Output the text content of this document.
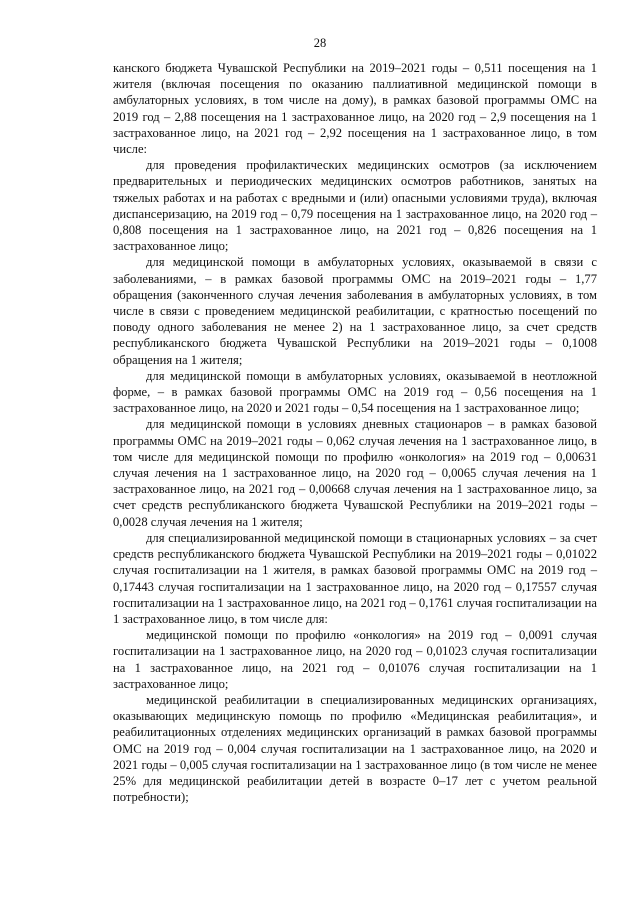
28

канского бюджета Чувашской Республики на 2019–2021 годы – 0,511 посещения на 1 жителя (включая посещения по оказанию паллиативной медицинской помощи в амбулаторных условиях, в том числе на дому), в рамках базовой программы ОМС на 2019 год – 2,88 посещения на 1 застрахованное лицо, на 2020 год – 2,9 посещения на 1 застрахованное лицо, на 2021 год – 2,92 посещения на 1 застрахованное лицо, в том числе:

для проведения профилактических медицинских осмотров (за исключением предварительных и периодических медицинских осмотров работников, занятых на тяжелых работах и на работах с вредными и (или) опасными условиями труда), включая диспансеризацию, на 2019 год – 0,79 посещения на 1 застрахованное лицо, на 2020 год – 0,808 посещения на 1 застрахованное лицо, на 2021 год – 0,826 посещения на 1 застрахованное лицо;

для медицинской помощи в амбулаторных условиях, оказываемой в связи с заболеваниями, – в рамках базовой программы ОМС на 2019–2021 годы – 1,77 обращения (законченного случая лечения заболевания в амбулаторных условиях, в том числе в связи с проведением медицинской реабилитации, с кратностью посещений по поводу одного заболевания не менее 2) на 1 застрахованное лицо, за счет средств республиканского бюджета Чувашской Республики на 2019–2021 годы – 0,1008 обращения на 1 жителя;

для медицинской помощи в амбулаторных условиях, оказываемой в неотложной форме, – в рамках базовой программы ОМС на 2019 год – 0,56 посещения на 1 застрахованное лицо, на 2020 и 2021 годы – 0,54 посещения на 1 застрахованное лицо;

для медицинской помощи в условиях дневных стационаров – в рамках базовой программы ОМС на 2019–2021 годы – 0,062 случая лечения на 1 застрахованное лицо, в том числе для медицинской помощи по профилю «онкология» на 2019 год – 0,00631 случая лечения на 1 застрахованное лицо, на 2020 год – 0,0065 случая лечения на 1 застрахованное лицо, на 2021 год – 0,00668 случая лечения на 1 застрахованное лицо, за счет средств республиканского бюджета Чувашской Республики на 2019–2021 годы – 0,0028 случая лечения на 1 жителя;

для специализированной медицинской помощи в стационарных условиях – за счет средств республиканского бюджета Чувашской Республики на 2019–2021 годы – 0,01022 случая госпитализации на 1 жителя, в рамках базовой программы ОМС на 2019 год – 0,17443 случая госпитализации на 1 застрахованное лицо, на 2020 год – 0,17557 случая госпитализации на 1 застрахованное лицо, на 2021 год – 0,1761 случая госпитализации на 1 застрахованное лицо, в том числе для:

медицинской помощи по профилю «онкология» на 2019 год – 0,0091 случая госпитализации на 1 застрахованное лицо, на 2020 год – 0,01023 случая госпитализации на 1 застрахованное лицо, на 2021 год – 0,01076 случая госпитализации на 1 застрахованное лицо;

медицинской реабилитации в специализированных медицинских организациях, оказывающих медицинскую помощь по профилю «Медицинская реабилитация», и реабилитационных отделениях медицинских организаций в рамках базовой программы ОМС на 2019 год – 0,004 случая госпитализации на 1 застрахованное лицо, на 2020 и 2021 годы – 0,005 случая госпитализации на 1 застрахованное лицо (в том числе не менее 25% для медицинской реабилитации детей в возрасте 0–17 лет с учетом реальной потребности);
